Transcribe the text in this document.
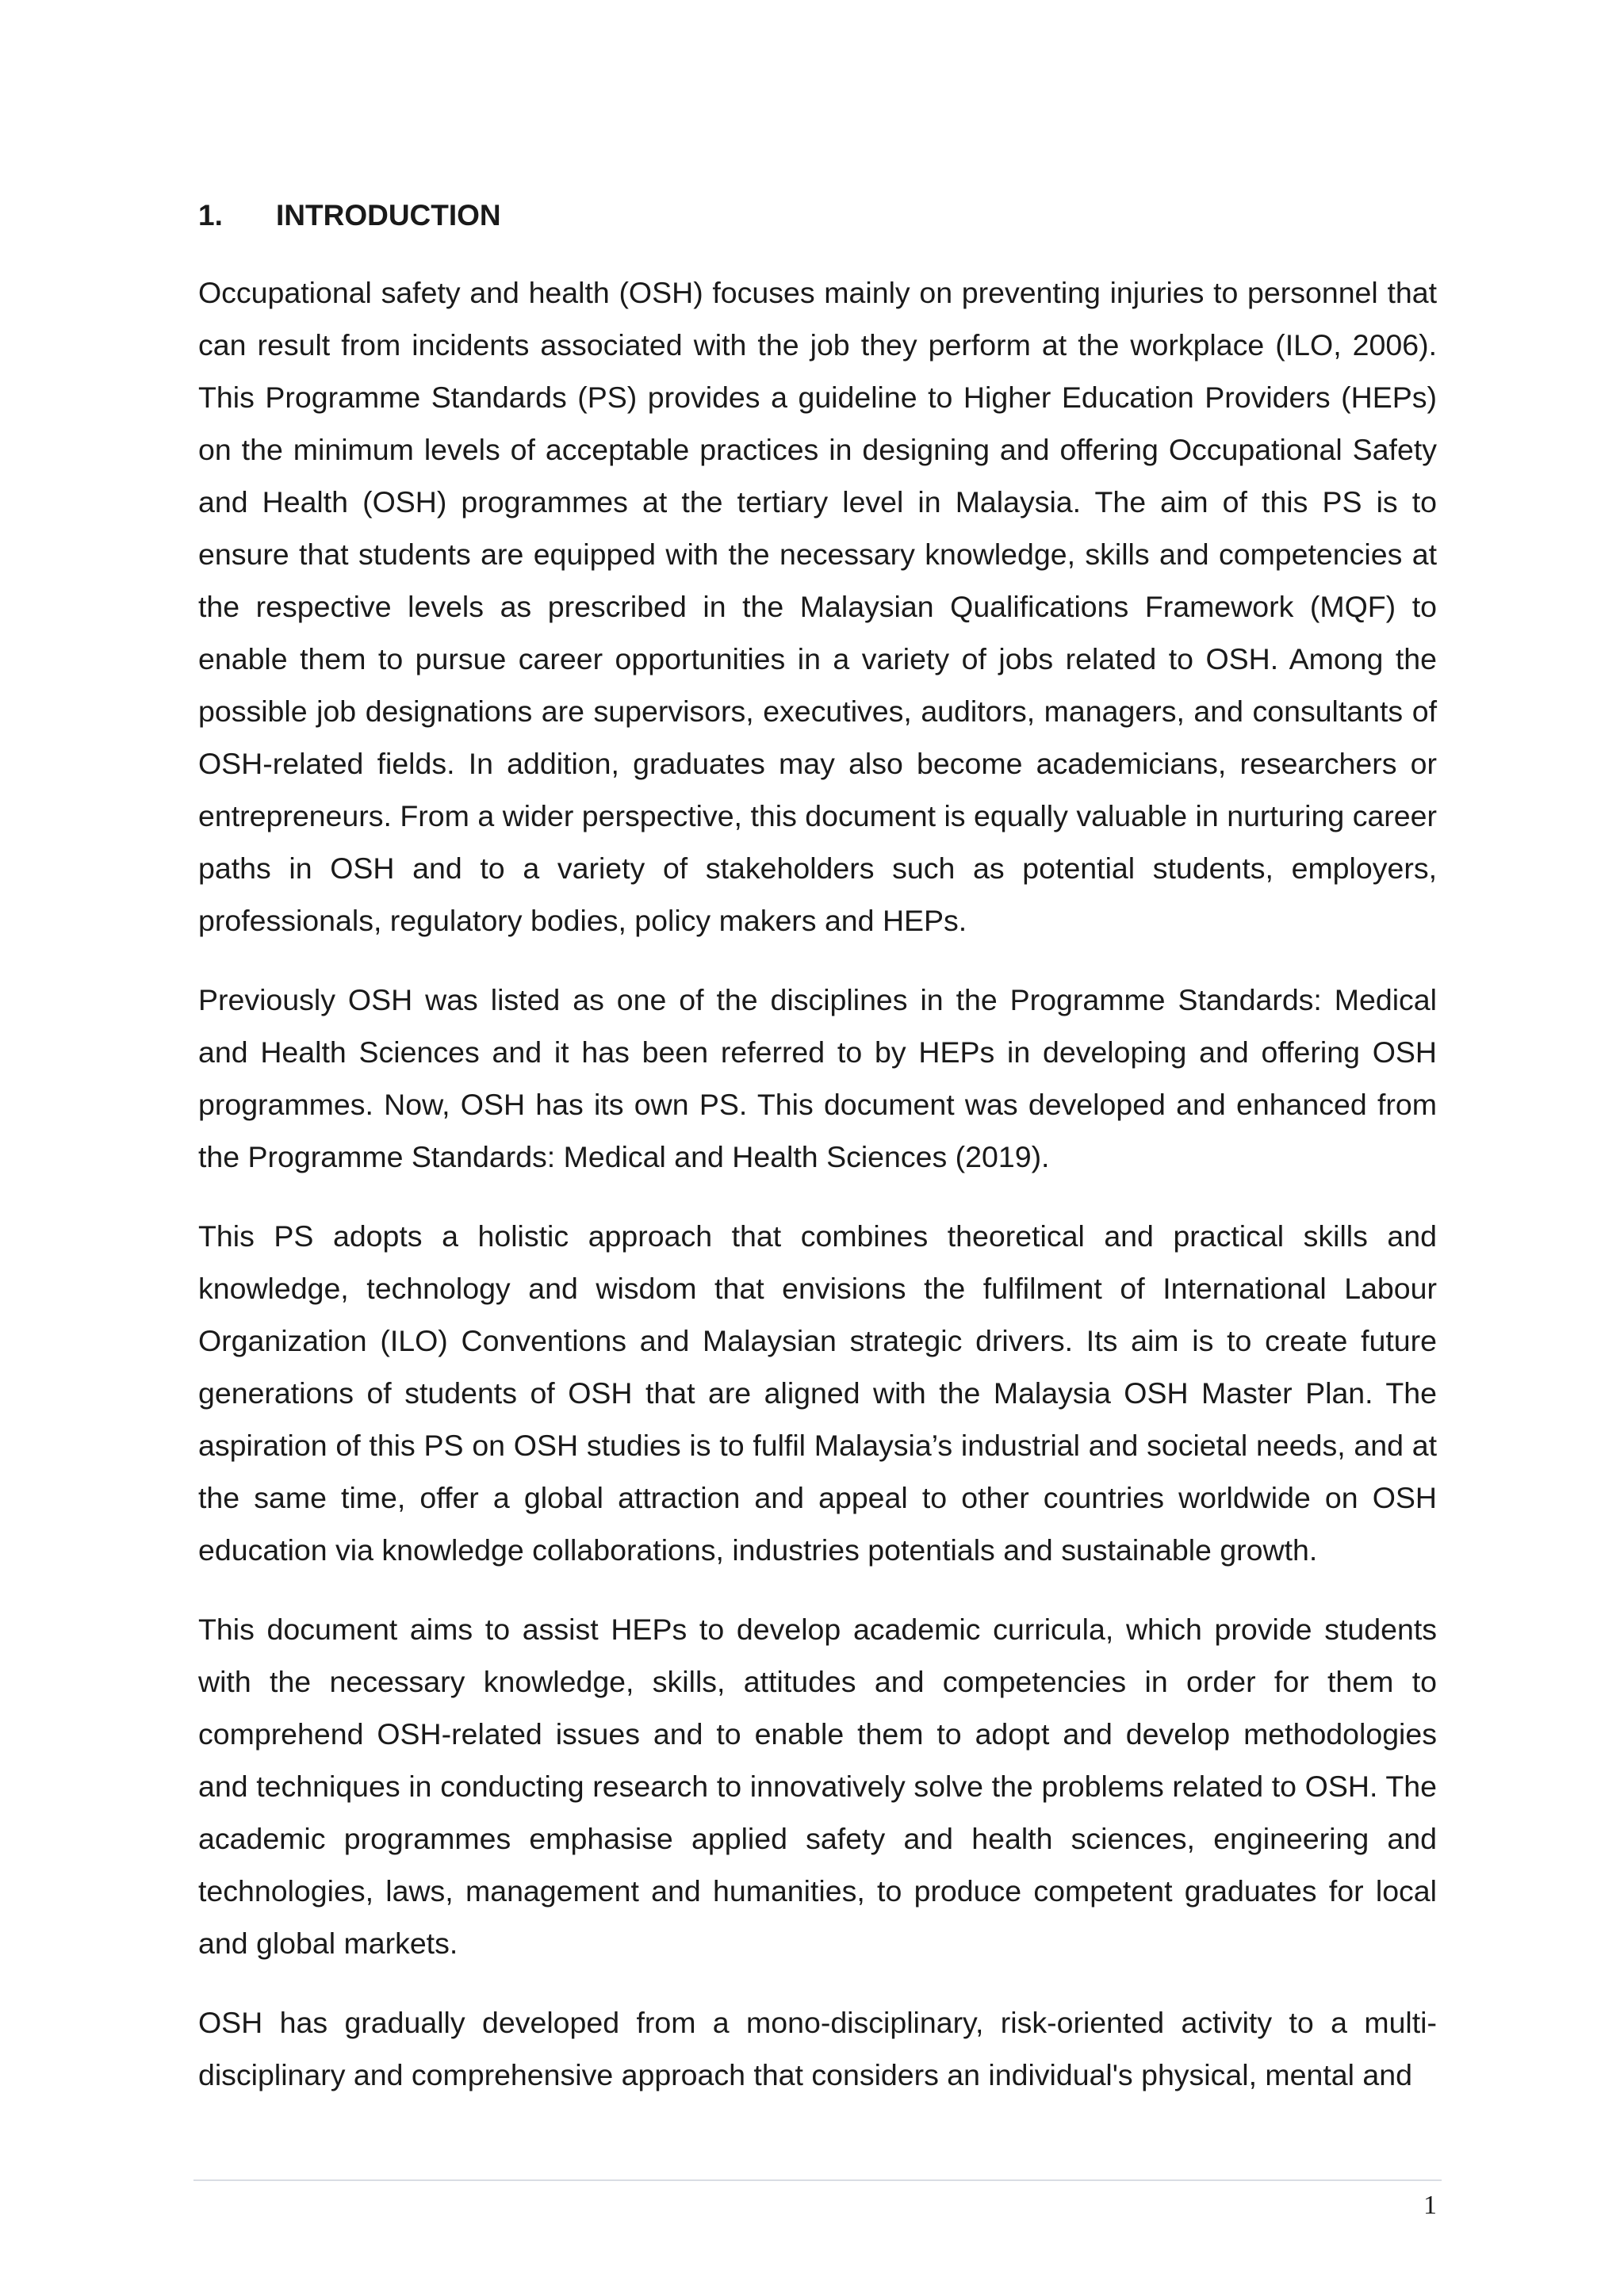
1.	INTRODUCTION

Occupational safety and health (OSH) focuses mainly on preventing injuries to personnel that can result from incidents associated with the job they perform at the workplace (ILO, 2006). This Programme Standards (PS) provides a guideline to Higher Education Providers (HEPs) on the minimum levels of acceptable practices in designing and offering Occupational Safety and Health (OSH) programmes at the tertiary level in Malaysia. The aim of this PS is to ensure that students are equipped with the necessary knowledge, skills and competencies at the respective levels as prescribed in the Malaysian Qualifications Framework (MQF) to enable them to pursue career opportunities in a variety of jobs related to OSH. Among the possible job designations are supervisors, executives, auditors, managers, and consultants of OSH-related fields. In addition, graduates may also become academicians, researchers or entrepreneurs. From a wider perspective, this document is equally valuable in nurturing career paths in OSH and to a variety of stakeholders such as potential students, employers, professionals, regulatory bodies, policy makers and HEPs.

Previously OSH was listed as one of the disciplines in the Programme Standards: Medical and Health Sciences and it has been referred to by HEPs in developing and offering OSH programmes. Now, OSH has its own PS. This document was developed and enhanced from the Programme Standards: Medical and Health Sciences (2019).

This PS adopts a holistic approach that combines theoretical and practical skills and knowledge, technology and wisdom that envisions the fulfilment of International Labour Organization (ILO) Conventions and Malaysian strategic drivers. Its aim is to create future generations of students of OSH that are aligned with the Malaysia OSH Master Plan. The aspiration of this PS on OSH studies is to fulfil Malaysia’s industrial and societal needs, and at the same time, offer a global attraction and appeal to other countries worldwide on OSH education via knowledge collaborations, industries potentials and sustainable growth.

This document aims to assist HEPs to develop academic curricula, which provide students with the necessary knowledge, skills, attitudes and competencies in order for them to comprehend OSH-related issues and to enable them to adopt and develop methodologies and techniques in conducting research to innovatively solve the problems related to OSH. The academic programmes emphasise applied safety and health sciences, engineering and technologies, laws, management and humanities, to produce competent graduates for local and global markets.

OSH has gradually developed from a mono-disciplinary, risk-oriented activity to a multi-disciplinary and comprehensive approach that considers an individual's physical, mental and

1
